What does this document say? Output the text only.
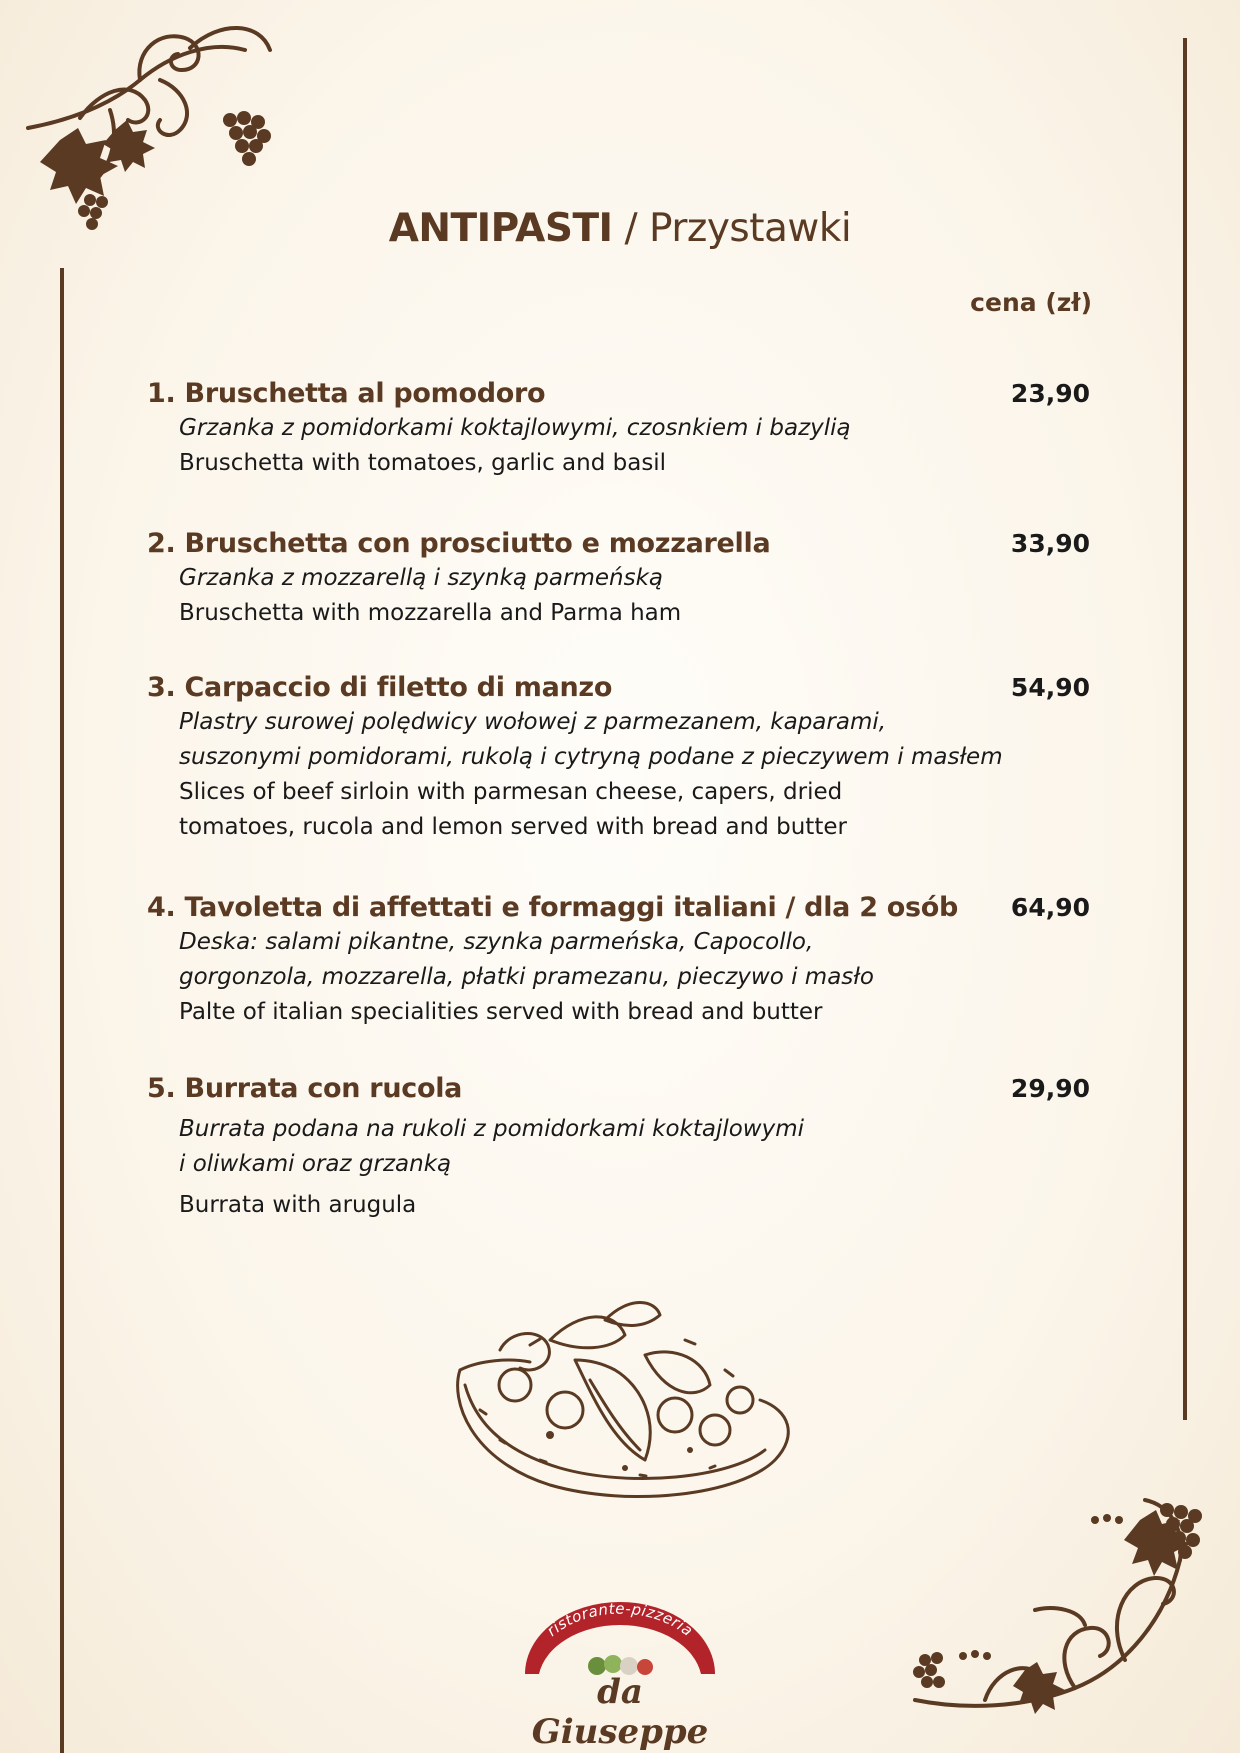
ANTIPASTI / Przystawki
cena (zł)
1. Bruschetta al pomodoro	23,90
Grzanka z pomidorkami koktajlowymi, czosnkiem i bazylią
Bruschetta with tomatoes, garlic and basil
2. Bruschetta con prosciutto e mozzarella	33,90
Grzanka z mozzarellą i szynką parmeńską
Bruschetta with mozzarella and Parma ham
3. Carpaccio di filetto di manzo	54,90
Plastry surowej polędwicy wołowej z parmezanem, kaparami,
suszonymi pomidorami, rukolą i cytryną podane z pieczywem i masłem
Slices of beef sirloin with parmesan cheese, capers, dried
tomatoes, rucola and lemon served with bread and butter
4. Tavoletta di affettati e formaggi italiani / dla 2 osób	64,90
Deska: salami pikantne, szynka parmeńska, Capocollo,
gorgonzola, mozzarella, płatki pramezanu, pieczywo i masło
Palte of italian specialities served with bread and butter
5. Burrata con rucola	29,90
Burrata podana na rukoli z pomidorkami koktajlowymi
i oliwkami oraz grzanką
Burrata with arugula
ristorante-pizzeria
da Giuseppe
